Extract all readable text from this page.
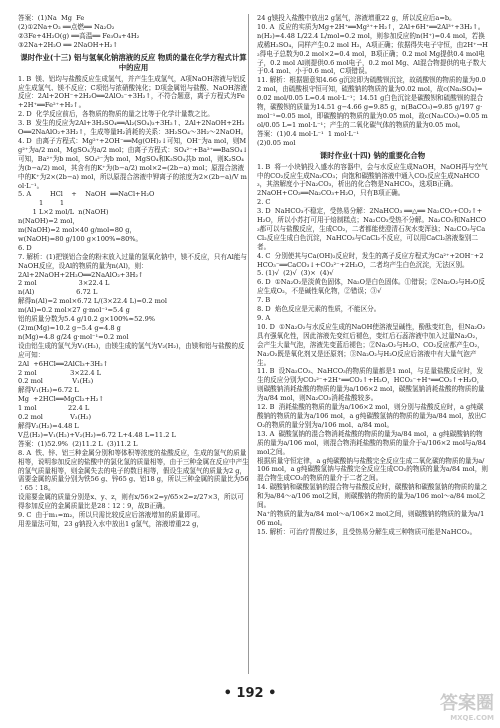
答案：(1)Na  Mg  Fe

(2)①2Na+O₂ ══点燃══ Na₂O₂

②3Fe+4H₂O(g) ══高温══ Fe₃O₄+4H₂

③2Na+2H₂O ══ 2NaOH+H₂↑

课时作业(十三) 铝与氢氧化钠溶液的反应 物质的量在化学方程式计算中的应用

1. B  镁、铝均与盐酸反应生成氢气，并产生生成氢气，A项NaOH溶液与铝反应生成氢气、镁不反应；C项铝与浓硝酸钝化；D项金属铝与盐酸、NaOH溶液反应：2Al+2OH⁻+2H₂O══2AlO₂⁻+3H₂↑，不符合题意，离子方程式为Fe+2H⁺══Fe²⁺+H₂↑。

2. D  化学反应前后，各物质的物质的量之比等于化学计量数之比。

3. B  发生的反应为2Al+3H₂SO₄══Al₂(SO₄)₃+3H₂↑、2Al+2NaOH+2H₂O══2NaAlO₂+3H₂↑，生成等量H₂消耗的关系：3H₂SO₄～3H₂～2NaOH。

4. D  由离子方程式：Mg²⁺+2OH⁻══Mg(OH)₂↓可知，OH⁻为a mol，则Mg²⁺为a/2 mol，MgSO₄为a/2 mol；由离子方程式：SO₄²⁻+Ba²⁺══BaSO₄↓可知，Ba²⁺为b mol，SO₄²⁻为b mol，MgSO₄和K₂SO₄共b mol，则K₂SO₄为(b−a/2) mol，其含有的K⁺为(b−a/2) mol×2=(2b−a) mol；原混合溶液中的K⁺为2×(2b−a) mol，所以原混合溶液中钾离子的浓度为2×(2b−a)/V mol·L⁻¹。

5. A         HCl    +    NaOH  ══NaCl+H₂O

1        1

1 L×2 mol/L  n(NaOH)

n(NaOH)=2 mol，

m(NaOH)=2 mol×40 g/mol=80 g，

w(NaOH)=80 g/100 g×100%=80%。

6. D

7. 解析：(1)把镁铝合金的粉末放入过量的氢氧化钠中，镁不反应，只有Al能与NaOH反应，设Al的物质的量为n(Al)，则：

2Al+2NaOH+2H₂O══2NaAlO₂+3H₂↑

2 mol                    3×22.4 L

n(Al)                    6.72 L

解得n(Al)=2 mol×6.72 L/(3×22.4 L)=0.2 mol

m(Al)=0.2 mol×27 g·mol⁻¹=5.4 g

铝的质量分数为5.4 g/10.2 g×100%≈52.9%

(2)m(Mg)=10.2 g−5.4 g=4.8 g

n(Mg)=4.8 g/24 g·mol⁻¹=0.2 mol

设由铝生成的氢气为V₁(H₂)，由镁生成的氢气为V₂(H₂)，由镁和铝与盐酸的反应可知：

2Al  +6HCl══2AlCl₃+3H₂↑

2 mol                3×22.4 L

0.2 mol              V₁(H₂)

解得V₁(H₂)=6.72 L

Mg  +2HCl══MgCl₂+H₂↑

1 mol               22.4 L

0.2 mol             V₂(H₂)

解得V₂(H₂)=4.48 L

V总(H₂)=V₁(H₂)+V₂(H₂)=6.72 L+4.48 L=11.2 L

答案：(1)52.9%  (2)11.2 L  (3)11.2 L

8. A  铁、锌、铝三种金属分别和等体积等浓度的盐酸反应，生成的氢气的质量相等，说明参加反应的盐酸中的氯化氢的质量相等，由于三种金属在反应中产生的氢气质量相等，则金属失去的电子的数目相等，假设生成氢气的质量为2 g，需要金属的质量分别为铁56 g、锌65 g、铝18 g，所以三种金属的质量比为56∶65∶18。

设需要金属的质量分别是x、y、z，则有x/56×2=y/65×2=z/27×3，所以可得参加反应的金属质量比是28∶12∶9，故B正确。

9. C  由于m₁=m₂，所以只需比较反应后溶液增加的质量即可。

用差量法可知，23 g钠投入水中放出1 g氢气，溶液增重22 g，

24 g镁投入盐酸中放出2 g氢气，溶液增重22 g，所以反应后a=b。

10. A  反应的实质为Mg+2H⁺══Mg²⁺+H₂↑，2Al+6H⁺══2Al³⁺+3H₂↑。n(H₂)=4.48 L/22.4 L/mol=0.2 mol，则参加反应的n(H⁺)=0.4 mol，若换成稀H₂SO₄，同样产生0.2 mol H₂，A项正确；依据得失电子守恒，由2H⁺→H₂得电子总数为0.2 mol×2=0.4 mol，B项正确；0.2 mol Mg提供0.4 mol电子，0.2 mol Al则提供0.6 mol电子，0.2 mol Mg、Al混合物提供的电子数大于0.4 mol、小于0.6 mol，C项错误。

11. 解析：根据题意知4.66 g沉淀即为硫酸钡沉淀，故硫酸钡的物质的量为0.02 mol，由硫酸根守恒可知，硫酸钠的物质的量为0.02 mol，故c(Na₂SO₄)=0.02 mol/0.05 L=0.4 mol·L⁻¹；14.51 g白色沉淀是碳酸钡和硫酸钡的混合物，碳酸钡的质量为14.51 g−4.66 g=9.85 g，n(BaCO₃)=9.85 g/197 g·mol⁻¹=0.05 mol，即碳酸钠的物质的量为0.05 mol，故c(Na₂CO₃)=0.05 mol/0.05 L=1 mol·L⁻¹；产生的二氧化碳气体的物质的量为0.05 mol。

答案：(1)0.4 mol·L⁻¹  1 mol·L⁻¹

(2)0.05 mol

课时作业(十四) 钠的重要化合物

1. B  将一小块钠投入盛水的容器中，会与水反应生成NaOH，NaOH再与空气中的CO₂反应生成Na₂CO₃；向饱和碳酸钠溶液中通入CO₂反应生成NaHCO₃，其溶解度小于Na₂CO₃，析出的化合物是NaHCO₃，选项B正确。

2NaOH+CO₂══Na₂CO₃+H₂O，只有B项正确。

2. C

3. D  NaHCO₃不稳定，受热易分解：2NaHCO₃ ══△══ Na₂CO₃+CO₂↑+H₂O，所以小苏打可用于焙制糕点；Na₂CO₃受热不分解。Na₂CO₃和NaHCO₃都可以与盐酸反应，生成CO₂，二者都能使澄清石灰水变浑浊；Na₂CO₃与CaCl₂反应生成白色沉淀，NaHCO₃与CaCl₂不反应，可以用CaCl₂溶液鉴别二者。

4. C  分别使其与Ca(OH)₂反应时，发生的离子反应方程式为Ca²⁺+2OH⁻+2HCO₃⁻══CaCO₃↓+CO₃²⁻+2H₂O，二者均产生白色沉淀，无法区别。

5. (1)√  (2)√  (3)×  (4)√

6. D  ①Na₂O₂是淡黄色固体，Na₂O是白色固体。①错误；②Na₂O₂与H₂O反应生成O₂，不是碱性氧化物，②错误；③√

7. B

8. D  焰色反应是元素的性质，不能区分。

9. A

10. D  ①Na₂O₂与水反应生成的NaOH使溶液呈碱性，酚酞变红色，但Na₂O₂具有强氧化性，因此溶液先变红后褪色，变红后石蕊溶液中加入过量Na₂O₂，会产生大量气泡，溶液先变蓝后褪色；②Na₂O₂与H₂O、CO₂反应都产生O₂，Na₂O₂既是氧化剂又是还原剂；③Na₂O₂与H₂O反应后溶液中有大量气泡产生。

11. B  设Na₂CO₃、NaHCO₃的物质的量都是1 mol，与足量盐酸反应时，发生的反应分别为CO₃²⁻+2H⁺══CO₂↑+H₂O，HCO₃⁻+H⁺══CO₂↑+H₂O，则碳酸钠消耗盐酸的物质的量为a/106×2 mol，碳酸氢钠消耗盐酸的物质的量为a/84 mol，则Na₂CO₃消耗盐酸较多。

12. B  消耗盐酸的物质的量为a/106×2 mol，则分别与盐酸反应时，a g纯碳酸钠的物质的量为a/106 mol，a g纯碳酸氢钠的物质的量为a/84 mol，放出CO₂的物质的量分别为a/106 mol、a/84 mol。

13. A  碳酸氢钠的混合物消耗盐酸的物质的量为a/84 mol，a g纯碳酸钠的物质的量为a/106 mol，则混合物消耗盐酸的物质的量介于a/106×2 mol与a/84 mol之间。

根据质量守恒定律，a g纯碳酸钠与盐酸完全反应生成二氧化碳的物质的量为a/106 mol，a g纯碳酸氢钠与盐酸完全反应生成CO₂的物质的量为a/84 mol，则混合物生成CO₂的物质的量介于二者之间。

14. 碳酸钠和碳酸氢钠的混合物与盐酸反应时，碳酸钠和碳酸氢钠的物质的量之和为a/84～a/106 mol之间，则碳酸钠的物质的量为a/106 mol～a/84 mol之间。

Na⁺的物质的量为a/84 mol～a/106×2 mol之间，则碳酸钠的物质的量为a/106 mol。

15. 解析：可治疗胃酸过多，且受热易分解生成三种物质可能是NaHCO₃。

• 192 •	答案圈
MXQE.COM
